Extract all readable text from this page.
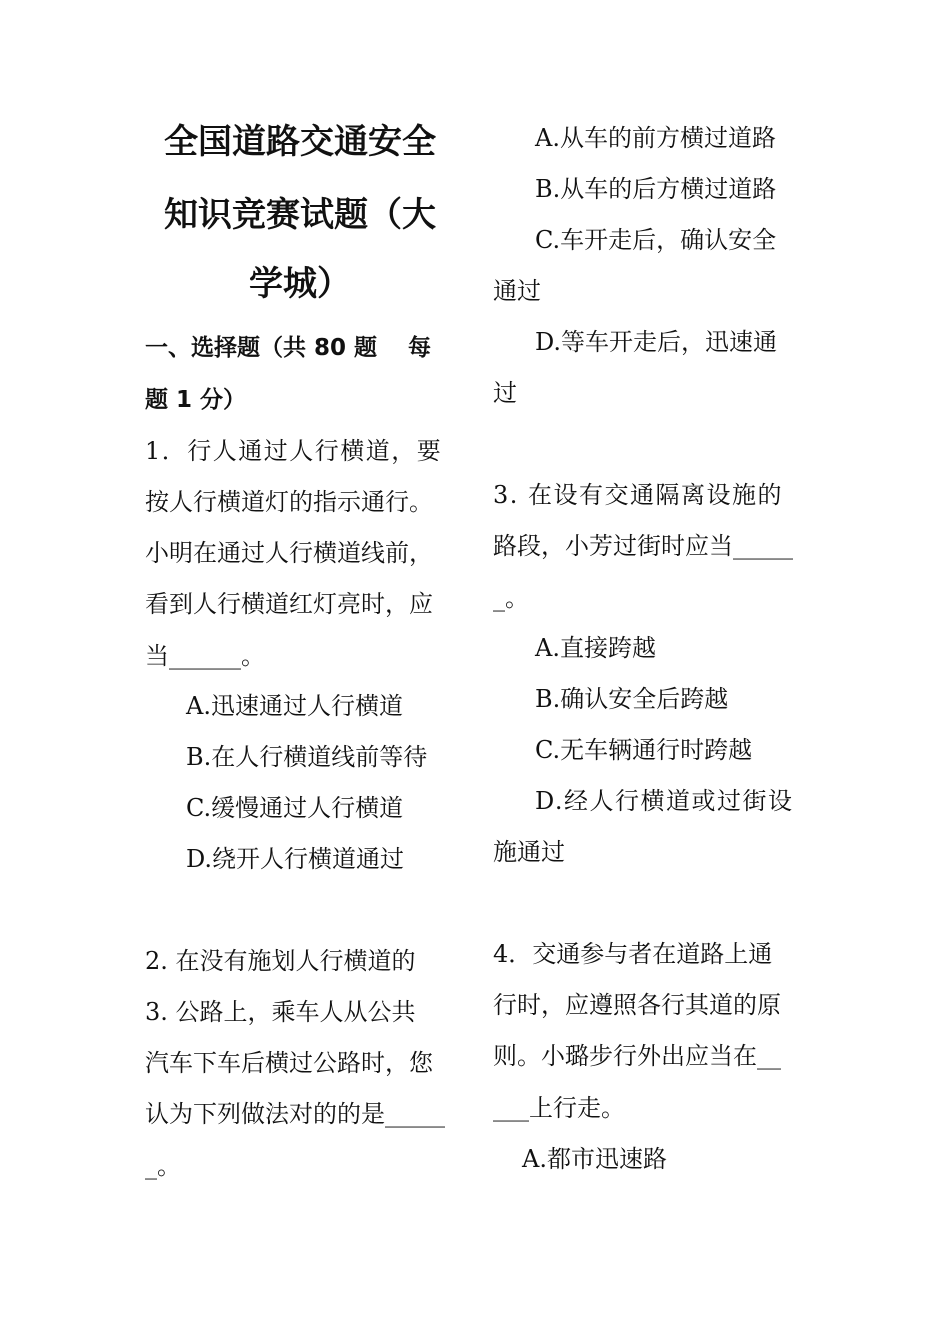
全国道路交通安全
知识竞赛试题（大
学城）

一、选择题（共 80 题　 每

题 1 分）

1．行人通过人行横道，要

按人行横道灯的指示通行。

小明在通过人行横道线前，

看到人行横道红灯亮时，应

当______。

A.迅速通过人行横道

B.在人行横道线前等待

C.缓慢通过人行横道

D.绕开人行横道通过

2. 在没有施划人行横道的

3. 公路上，乘车人从公共

汽车下车后横过公路时，您

认为下列做法对的的是_____

_。

A.从车的前方横过道路

B.从车的后方横过道路

C.车开走后，确认安全

通过

D.等车开走后，迅速通

过

3. 在设有交通隔离设施的

路段，小芳过街时应当_____

_。

A.直接跨越

B.确认安全后跨越

C.无车辆通行时跨越

D.经人行横道或过街设

施通过

4．交通参与者在道路上通

行时，应遵照各行其道的原

则。小璐步行外出应当在__

___上行走。

A.都市迅速路
